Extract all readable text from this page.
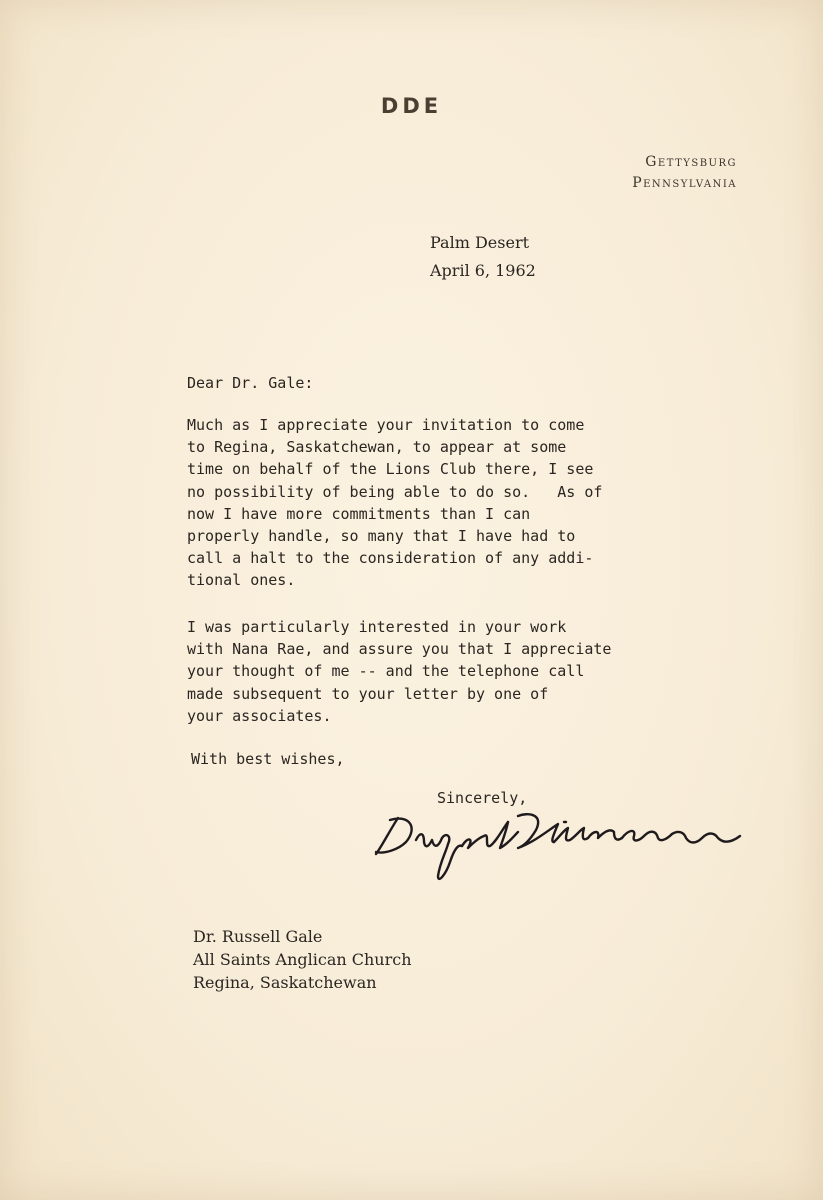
DDE
Gettysburg
Pennsylvania
Palm Desert
April 6, 1962
Dear Dr. Gale:
Much as I appreciate your invitation to come
to Regina, Saskatchewan, to appear at some
time on behalf of the Lions Club there, I see
no possibility of being able to do so.   As of
now I have more commitments than I can
properly handle, so many that I have had to
call a halt to the consideration of any addi-
tional ones.
I was particularly interested in your work
with Nana Rae, and assure you that I appreciate
your thought of me -- and the telephone call
made subsequent to your letter by one of
your associates.
With best wishes,
Sincerely,
Dr. Russell Gale
All Saints Anglican Church
Regina, Saskatchewan
